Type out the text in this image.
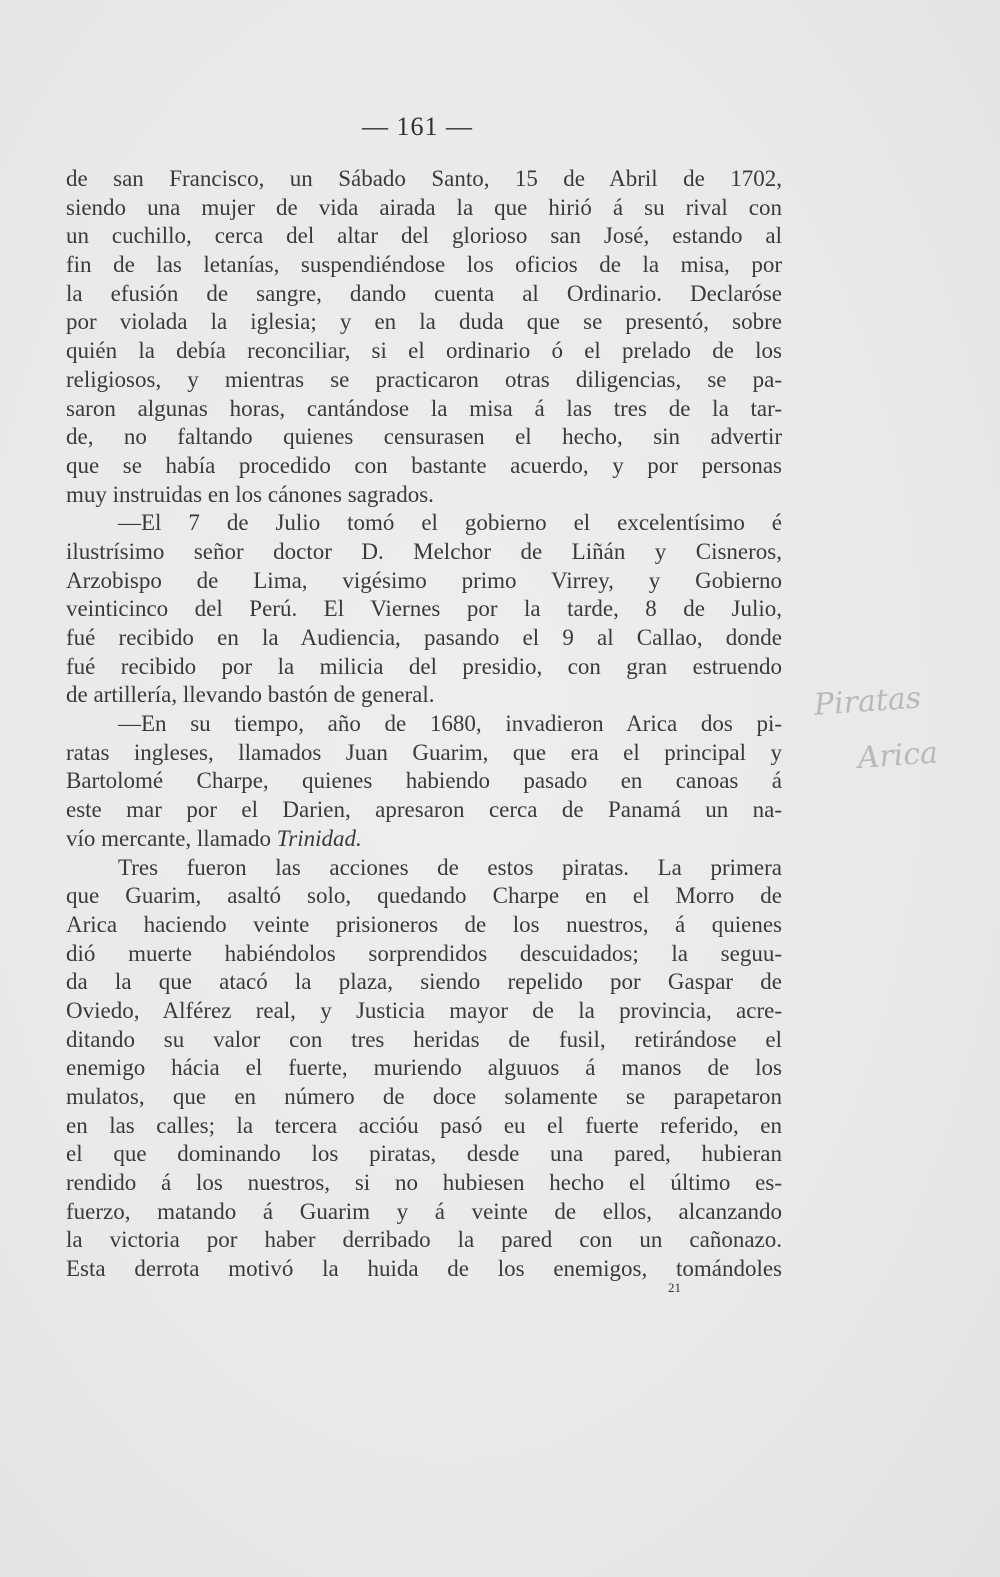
— 161 —
de san Francisco, un Sábado Santo, 15 de Abril de 1702,
siendo una mujer de vida airada la que hirió á su rival con
un cuchillo, cerca del altar del glorioso san José, estando al
fin de las letanías, suspendiéndose los oficios de la misa, por
la efusión de sangre, dando cuenta al Ordinario. Declaróse
por violada la iglesia; y en la duda que se presentó, sobre
quién la debía reconciliar, si el ordinario ó el prelado de los
religiosos, y mientras se practicaron otras diligencias, se pa-
saron algunas horas, cantándose la misa á las tres de la tar-
de, no faltando quienes censurasen el hecho, sin advertir
que se había procedido con bastante acuerdo, y por personas
muy instruidas en los cánones sagrados.
—El 7 de Julio tomó el gobierno el excelentísimo é
ilustrísimo señor doctor D. Melchor de Liñán y Cisneros,
Arzobispo de Lima, vigésimo primo Virrey, y Gobierno
veinticinco del Perú. El Viernes por la tarde, 8 de Julio,
fué recibido en la Audiencia, pasando el 9 al Callao, donde
fué recibido por la milicia del presidio, con gran estruendo
de artillería, llevando bastón de general.
—En su tiempo, año de 1680, invadieron Arica dos pi-
ratas ingleses, llamados Juan Guarim, que era el principal y
Bartolomé Charpe, quienes habiendo pasado en canoas á
este mar por el Darien, apresaron cerca de Panamá un na-
vío mercante, llamado Trinidad.
Tres fueron las acciones de estos piratas. La primera
que Guarim, asaltó solo, quedando Charpe en el Morro de
Arica haciendo veinte prisioneros de los nuestros, á quienes
dió muerte habiéndolos sorprendidos descuidados; la seguu-
da la que atacó la plaza, siendo repelido por Gaspar de
Oviedo, Alférez real, y Justicia mayor de la provincia, acre-
ditando su valor con tres heridas de fusil, retirándose el
enemigo hácia el fuerte, muriendo alguuos á manos de los
mulatos, que en número de doce solamente se parapetaron
en las calles; la tercera accióu pasó eu el fuerte referido, en
el que dominando los piratas, desde una pared, hubieran
rendido á los nuestros, si no hubiesen hecho el último es-
fuerzo, matando á Guarim y á veinte de ellos, alcanzando
la victoria por haber derribado la pared con un cañonazo.
Esta derrota motivó la huida de los enemigos, tomándoles
21
Piratas
Arica
